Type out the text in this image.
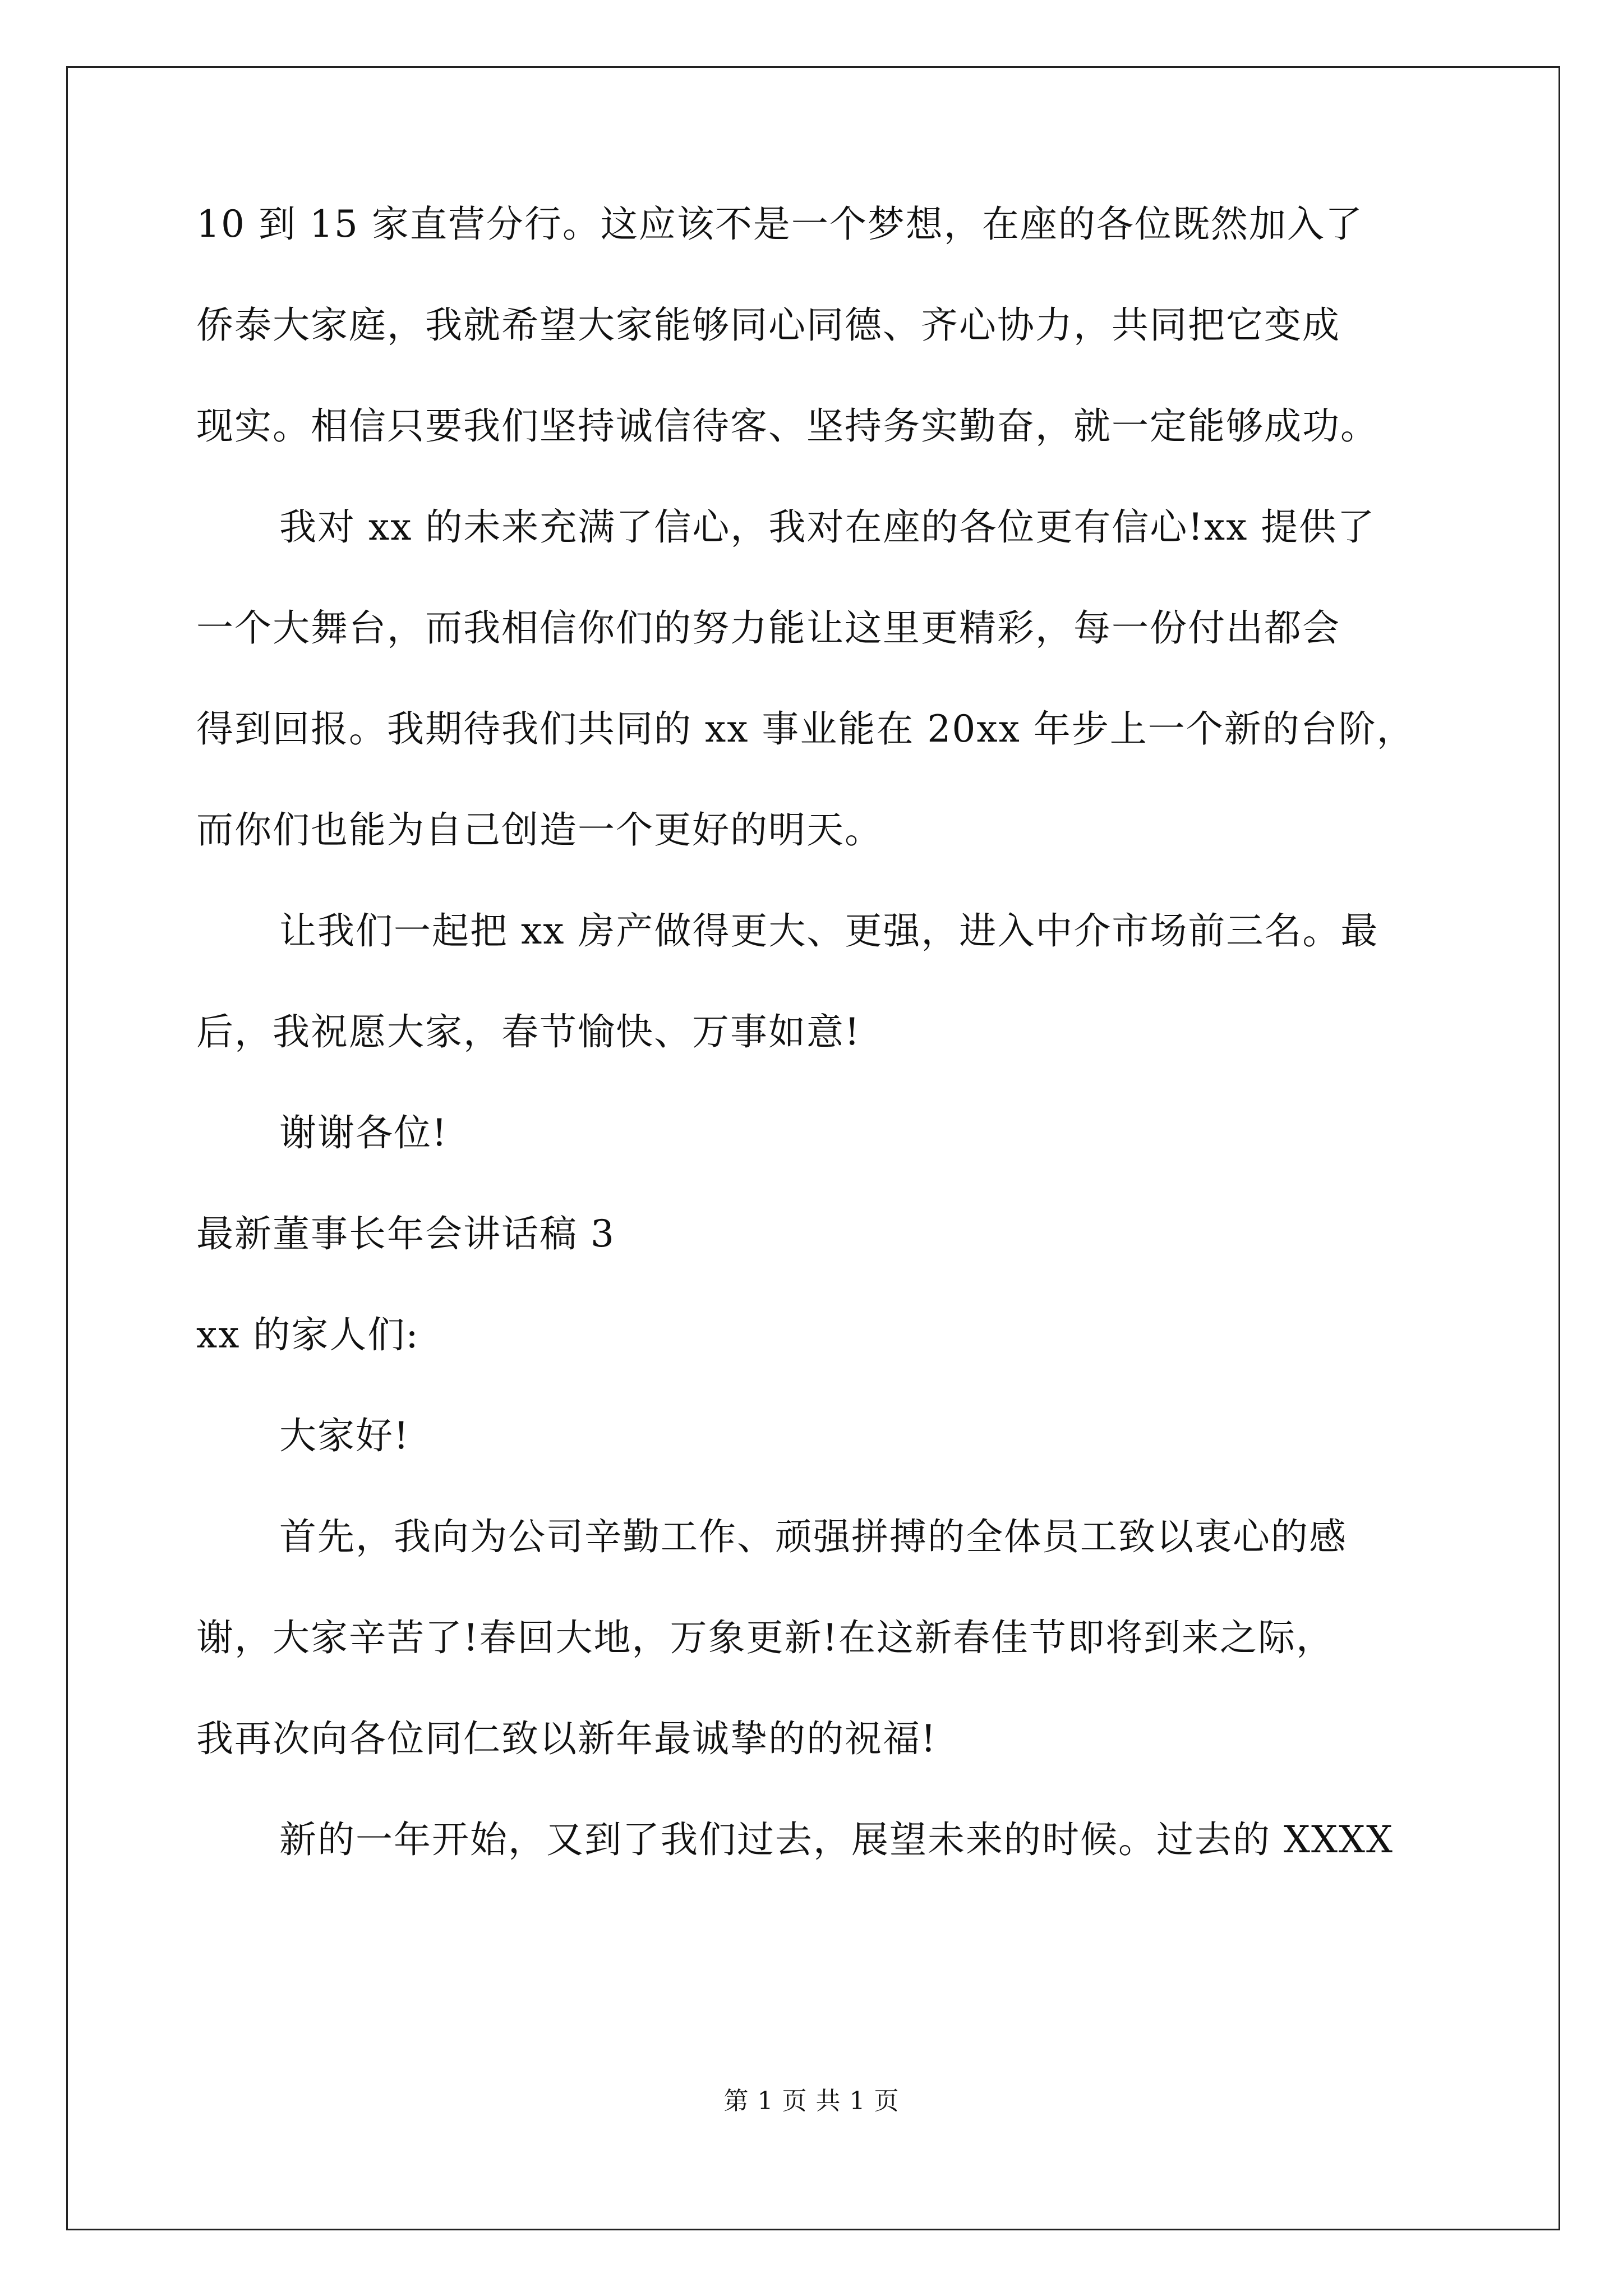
10 到 15 家直营分行。这应该不是一个梦想，在座的各位既然加入了
侨泰大家庭，我就希望大家能够同心同德、齐心协力，共同把它变成
现实。相信只要我们坚持诚信待客、坚持务实勤奋，就一定能够成功。
我对 xx 的未来充满了信心，我对在座的各位更有信心!xx 提供了
一个大舞台，而我相信你们的努力能让这里更精彩，每一份付出都会
得到回报。我期待我们共同的 xx 事业能在 20xx 年步上一个新的台阶，
而你们也能为自己创造一个更好的明天。
让我们一起把 xx 房产做得更大、更强，进入中介市场前三名。最
后，我祝愿大家，春节愉快、万事如意!
谢谢各位!
最新董事长年会讲话稿 3
xx 的家人们:
大家好!
首先，我向为公司辛勤工作、顽强拼搏的全体员工致以衷心的感
谢，大家辛苦了!春回大地，万象更新!在这新春佳节即将到来之际，
我再次向各位同仁致以新年最诚挚的的祝福!
新的一年开始，又到了我们过去，展望未来的时候。过去的 XXXX
第 1 页 共 1 页
